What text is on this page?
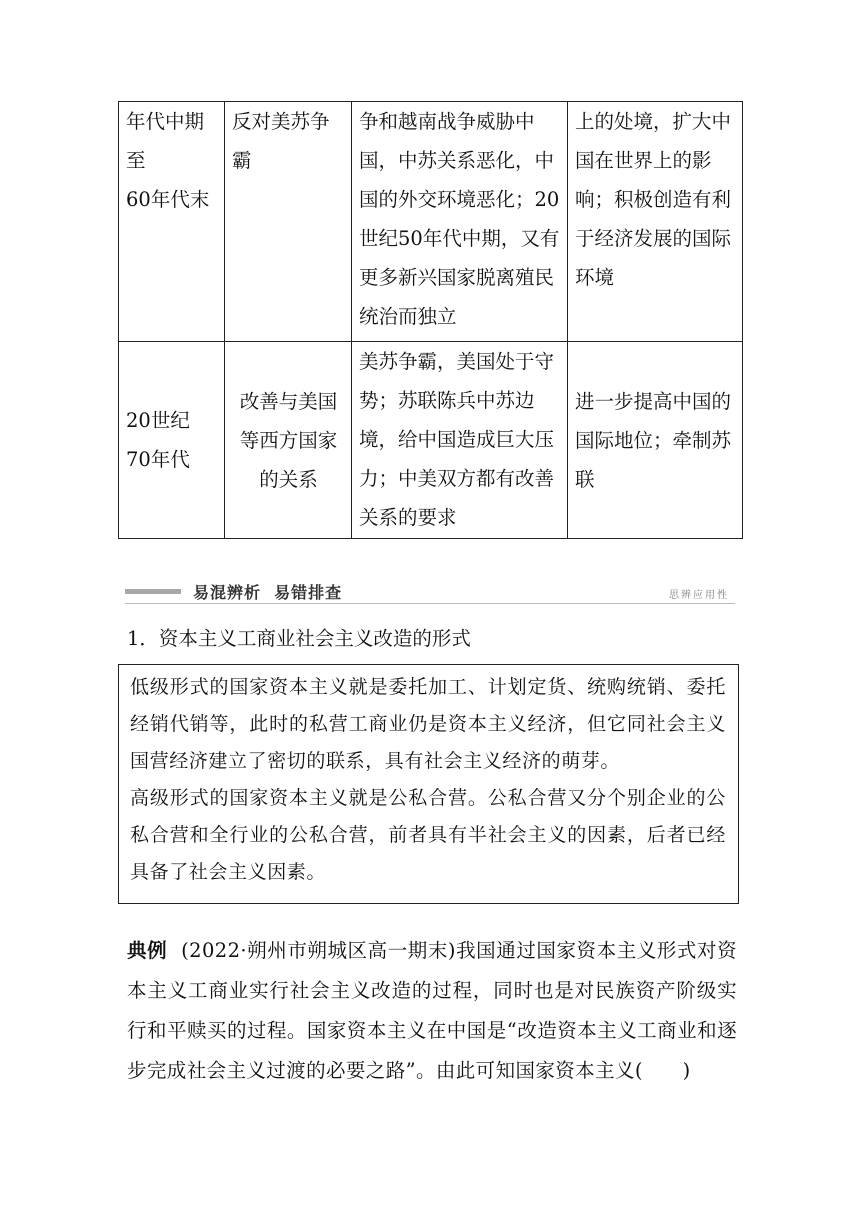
年代中期至
60年代末	反对美苏争霸	争和越南战争威胁中国，中苏关系恶化，中国的外交环境恶化；20世纪50年代中期，又有更多新兴国家脱离殖民统治而独立	上的处境，扩大中国在世界上的影响；积极创造有利于经济发展的国际环境
20世纪
70年代	改善与美国等西方国家的关系	美苏争霸，美国处于守势；苏联陈兵中苏边境，给中国造成巨大压力；中美双方都有改善关系的要求	进一步提高中国的国际地位；牵制苏联
易混辨析  易错排查	思辨应用性
1．资本主义工商业社会主义改造的形式

低级形式的国家资本主义就是委托加工、计划定货、统购统销、委托经销代销等，此时的私营工商业仍是资本主义经济，但它同社会主义国营经济建立了密切的联系，具有社会主义经济的萌芽。

高级形式的国家资本主义就是公私合营。公私合营又分个别企业的公私合营和全行业的公私合营，前者具有半社会主义的因素，后者已经具备了社会主义因素。

典例 (2022·朔州市朔城区高一期末)我国通过国家资本主义形式对资本主义工商业实行社会主义改造的过程，同时也是对民族资产阶级实行和平赎买的过程。国家资本主义在中国是“改造资本主义工商业和逐步完成社会主义过渡的必要之路”。由此可知国家资本主义(　　)
